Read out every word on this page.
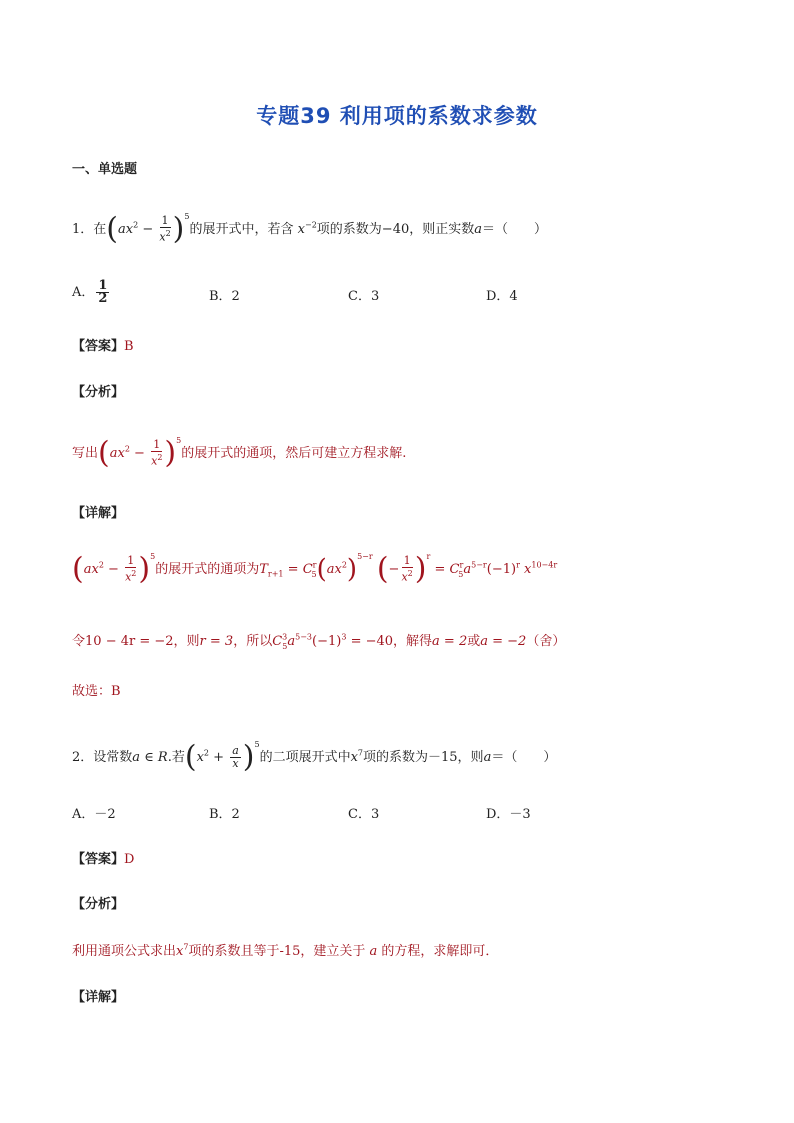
专题39 利用项的系数求参数
一、单选题
1．在$(ax^2 - \frac{1}{x^2} )^5$的展开式中，若含 $x^{-2}$项的系数为−40，则正实数a＝（　　）
A． $\frac{1}{2}$	B．2	C．3	D．4
【答案】B
【分析】
写出$(ax^2 - \frac{1}{x^2} )^5$的展开式的通项，然后可建立方程求解.
【详解】
$(ax^2 - \frac{1}{x^2} )^5$的展开式的通项为$T_{r+1} = C^r_5(ax^2)^{5-r}$ (− $\frac{1}{x^2} )^r = C^r_5a^{5-r}(-1)^r$ $x^{10-4r}$
令10 − 4r = −2，则r = 3，所以$C^3_5a^{5-3}(-1)^3 = -40$，解得a = 2或a = −2（舍）
故选：B
2．设常数a ∈ R.若$(x^2 + \frac{a}{x} )^5$的二项展开式中$x^7$项的系数为－15，则a＝（　　）
A．－2	B．2	C．3	D．－3
【答案】D
【分析】
利用通项公式求出$x^7$项的系数且等于-15，建立关于 a 的方程，求解即可．
【详解】
